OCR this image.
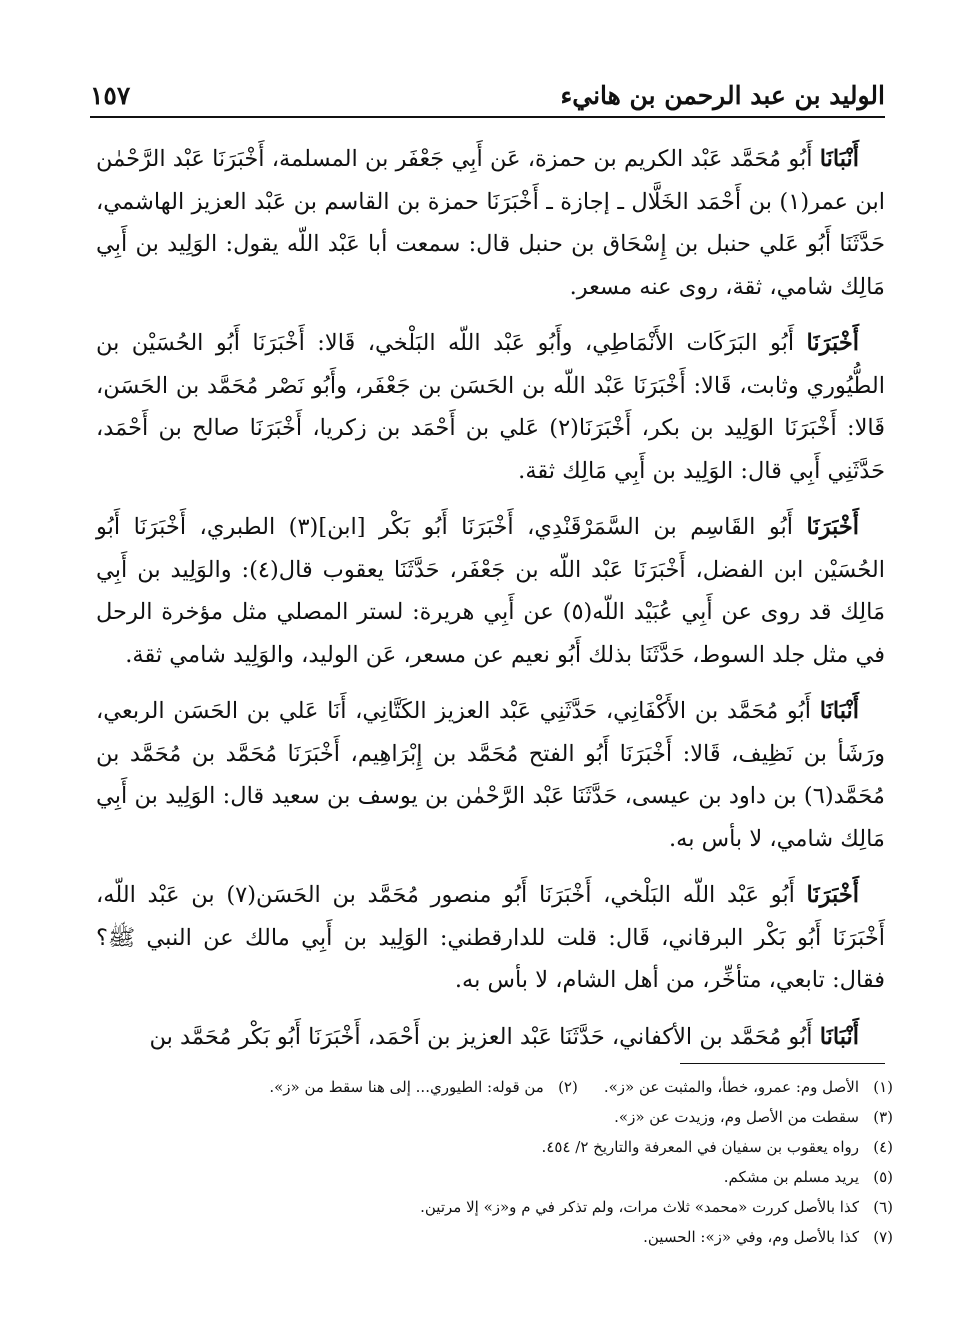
الوليد بن عبد الرحمن بن هانيء
١٥٧

أَنْبَانَا أَبُو مُحَمَّد عَبْد الكريم بن حمزة، عَن أَبِي جَعْفَر بن المسلمة، أَخْبَرَنَا عَبْد الرَّحْمٰن ابن عمر(١) بن أَحْمَد الخَلَّال ـ إجازة ـ أَخْبَرَنَا حمزة بن القاسم بن عَبْد العزيز الهاشمي، حَدَّثَنَا أَبُو عَلي حنبل بن إِسْحَاق بن حنبل قال: سمعت أبا عَبْد اللّه يقول: الوَلِيد بن أَبِي مَالِك شامي، ثقة، روى عنه مسعر.

أَخْبَرَنَا أَبُو البَرَكَات الأَنْمَاطِي، وأَبُو عَبْد اللّه البَلْخي، قَالا: أَخْبَرَنَا أَبُو الحُسَيْن بن الطُّيُوري وثابت، قَالا: أَخْبَرَنَا عَبْد اللّه بن الحَسَن بن جَعْفَر، وأَبُو نَصْر مُحَمَّد بن الحَسَن، قَالا: أَخْبَرَنَا الوَلِيد بن بكر، أَخْبَرَنَا(٢) عَلي بن أَحْمَد بن زكريا، أَخْبَرَنَا صالح بن أَحْمَد، حَدَّثَنِي أَبِي قال: الوَلِيد بن أَبِي مَالِك ثقة.

أَخْبَرَنَا أَبُو القَاسِم بن السَّمَرْقَنْدِي، أَخْبَرَنَا أَبُو بَكْر [ابن](٣) الطبري، أَخْبَرَنَا أَبُو الحُسَيْن ابن الفضل، أَخْبَرَنَا عَبْد اللّه بن جَعْفَر، حَدَّثَنَا يعقوب قال(٤): والوَلِيد بن أَبِي مَالِك قد روى عن أَبِي عُبَيْد اللّه(٥) عن أَبِي هريرة: لستر المصلي مثل مؤخرة الرحل في مثل جلد السوط، حَدَّثَنَا بذلك أَبُو نعيم عن مسعر، عَن الوليد، والوَلِيد شامي ثقة.

أَنْبَانَا أَبُو مُحَمَّد بن الأَكْفَانِي، حَدَّثَنِي عَبْد العزيز الكَتَّانِي، أَنَا عَلي بن الحَسَن الربعي، ورَشَأ بن نَظِيف، قَالا: أَخْبَرَنَا أَبُو الفتح مُحَمَّد بن إِبْرَاهِيم، أَخْبَرَنَا مُحَمَّد بن مُحَمَّد بن مُحَمَّد(٦) بن داود بن عيسى، حَدَّثَنَا عَبْد الرَّحْمٰن بن يوسف بن سعيد قال: الوَلِيد بن أَبِي مَالِك شامي، لا بأس به.

أَخْبَرَنَا أَبُو عَبْد اللّه البَلْخي، أَخْبَرَنَا أَبُو منصور مُحَمَّد بن الحَسَن(٧) بن عَبْد اللّه، أَخْبَرَنَا أَبُو بَكْر البرقاني، قَال: قلت للدارقطني: الوَلِيد بن أَبِي مالك عن النبي ﷺ؟ فقال: تابعي، متأخِّر، من أهل الشام، لا بأس به.

أَنْبَانَا أَبُو مُحَمَّد بن الأكفاني، حَدَّثَنَا عَبْد العزيز بن أَحْمَد، أَخْبَرَنَا أَبُو بَكْر مُحَمَّد بن

(١)
الأصل وم: عمرو، خطأ، والمثبت عن «ز».
(٢)
من قوله: الطيوري... إلى هنا سقط من «ز».
(٣)
سقطت من الأصل وم، وزيدت عن «ز».
(٤)
رواه يعقوب بن سفيان في المعرفة والتاريخ ٢/ ٤٥٤.
(٥)
يريد مسلم بن مشكم.
(٦)
كذا بالأصل كررت «محمد» ثلاث مرات، ولم تذكر في م و«ز» إلا مرتين.
(٧)
كذا بالأصل وم، وفي «ز»: الحسين.
